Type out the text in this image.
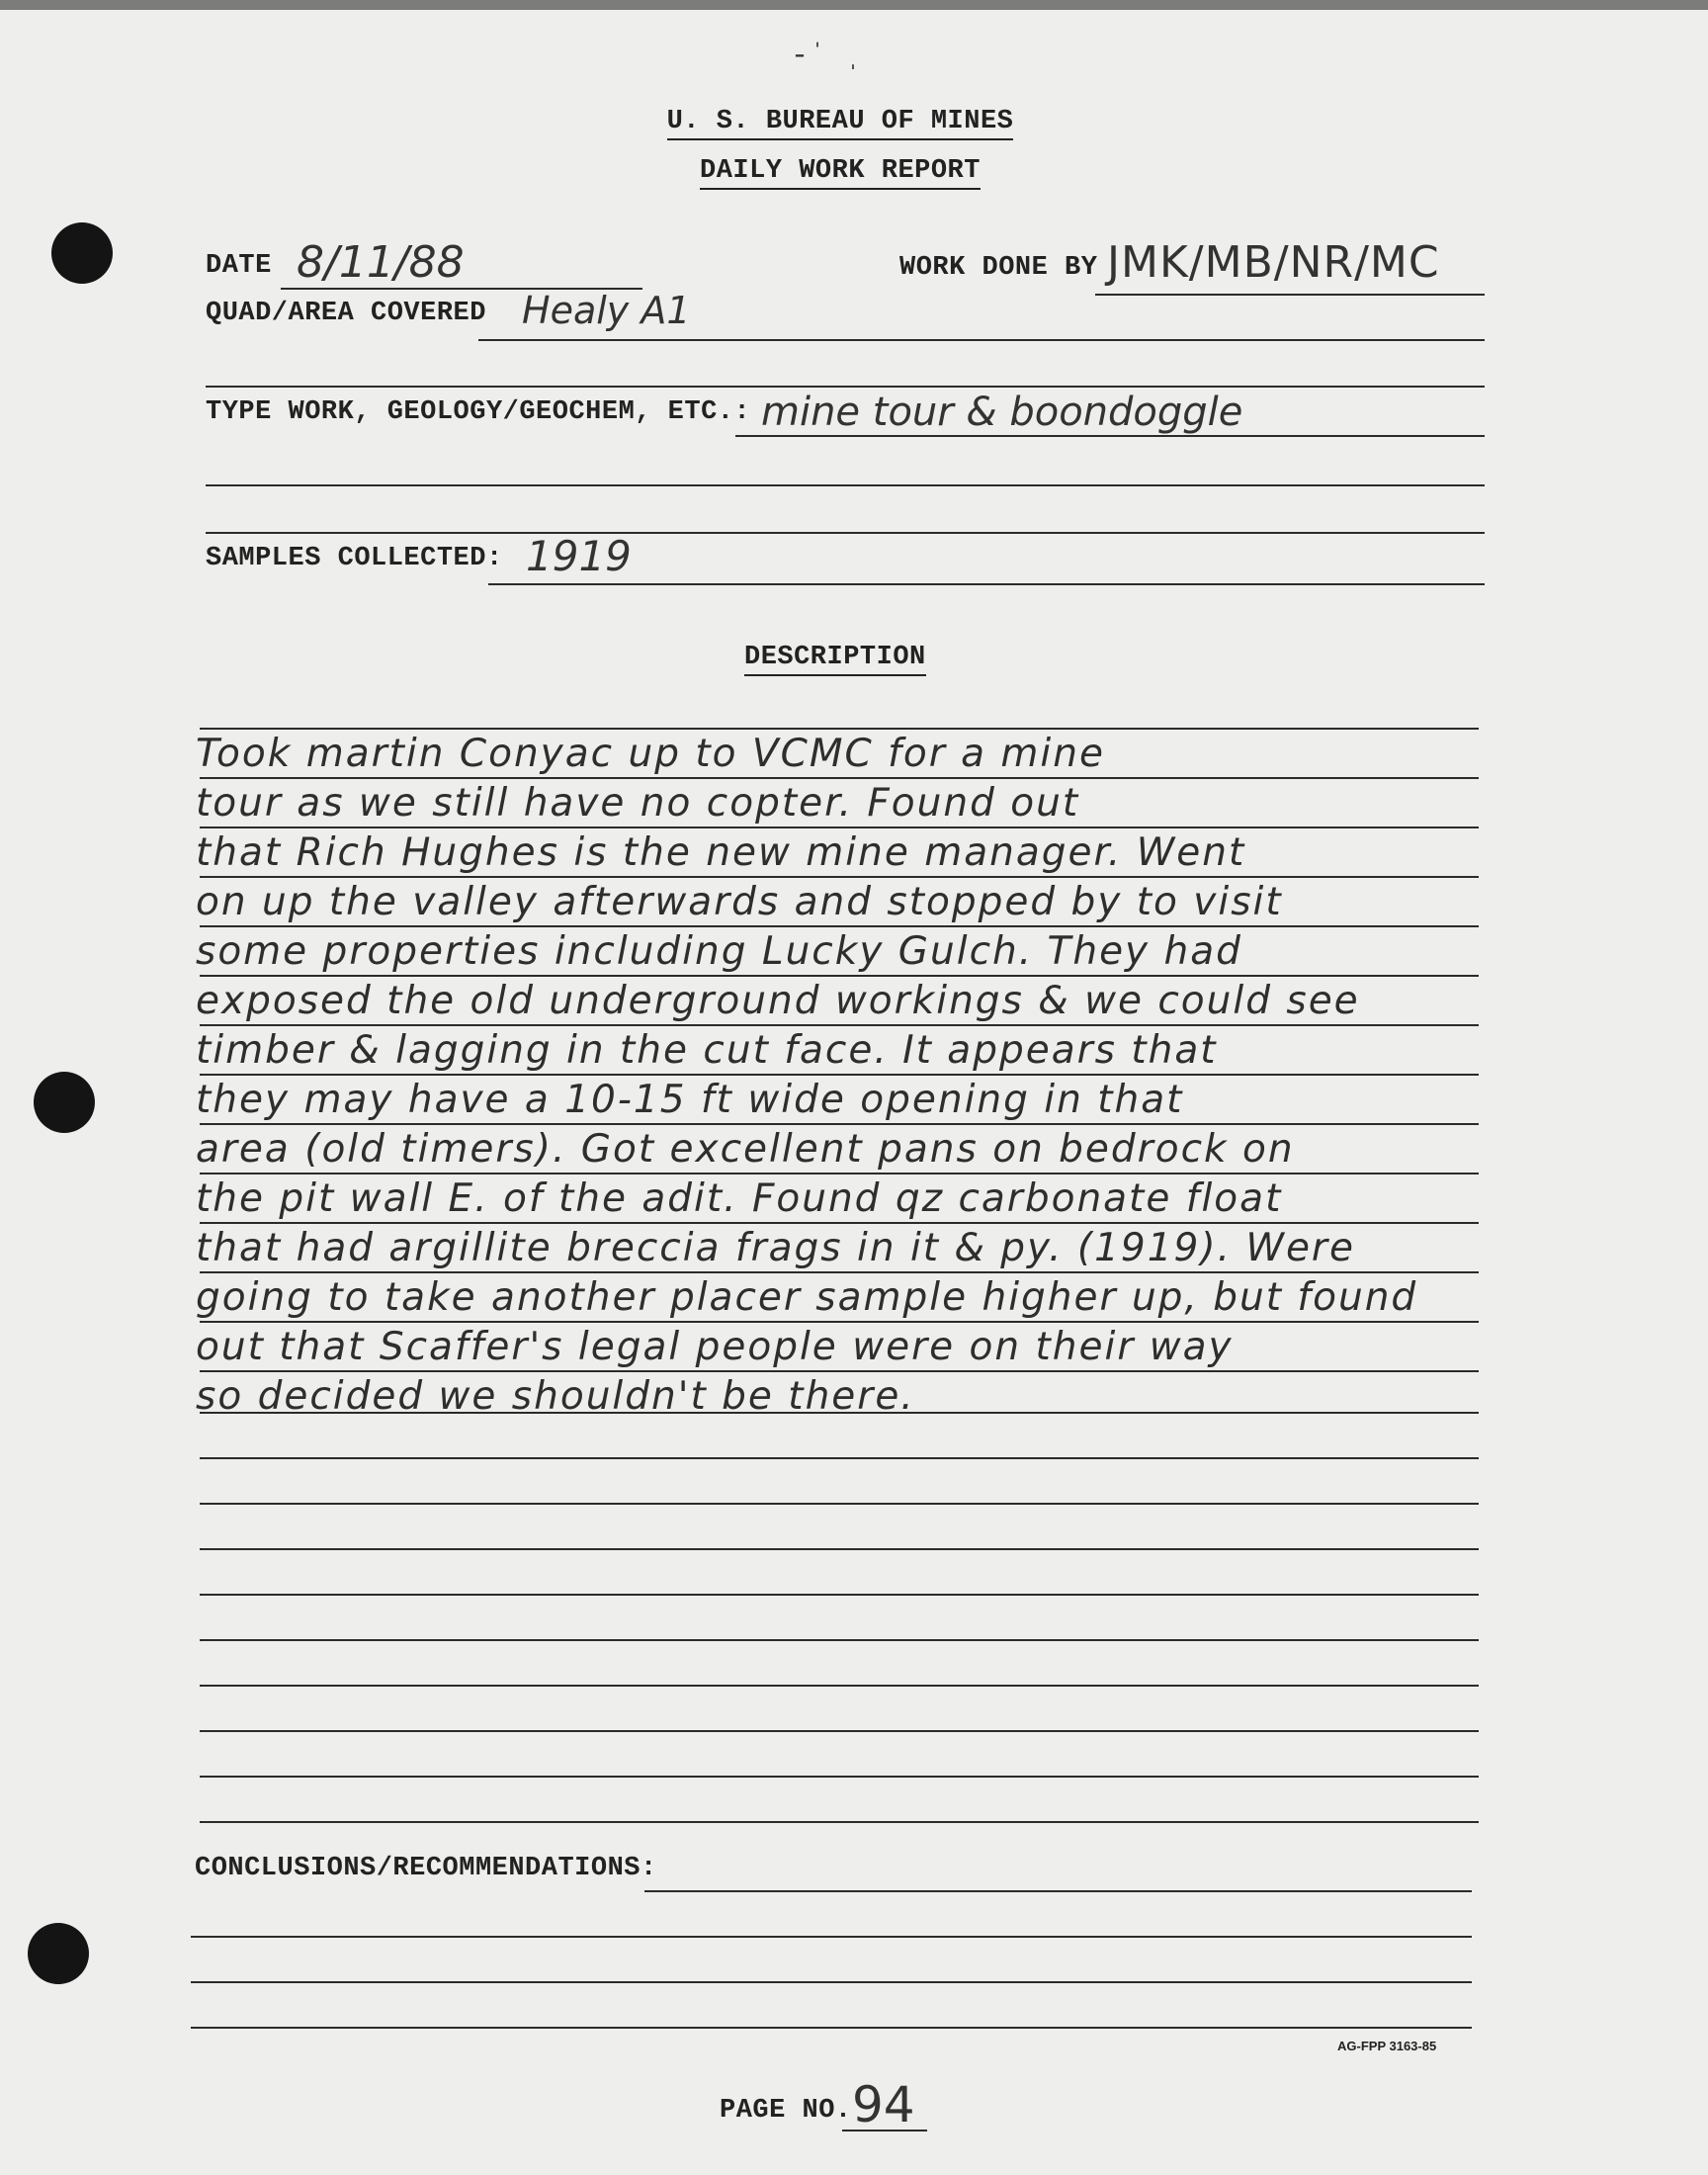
‑ˈ ˌ
U. S. BUREAU OF MINES
DAILY WORK REPORT
DATE 8/11/88	WORK DONE BY JMK/MB/NR/MC
QUAD/AREA COVERED Healy A1
TYPE WORK, GEOLOGY/GEOCHEM, ETC.: mine tour & boondoggle
SAMPLES COLLECTED: 1919
DESCRIPTION
Took martin Conyac up to VCMC for a mine
tour as we still have no copter. Found out
that Rich Hughes is the new mine manager. Went
on up the valley afterwards and stopped by to visit
some properties including Lucky Gulch. They had
exposed the old underground workings & we could see
timber & lagging in the cut face. It appears that
they may have a 10-15 ft wide opening in that
area (old timers). Got excellent pans on bedrock on
the pit wall E. of the adit. Found qz carbonate float
that had argillite breccia frags in it & py. (1919). Were
going to take another placer sample higher up, but found
out that Scaffer's legal people were on their way
so decided we shouldn't be there.
CONCLUSIONS/RECOMMENDATIONS:
AG-FPP 3163-85
PAGE NO. 94
